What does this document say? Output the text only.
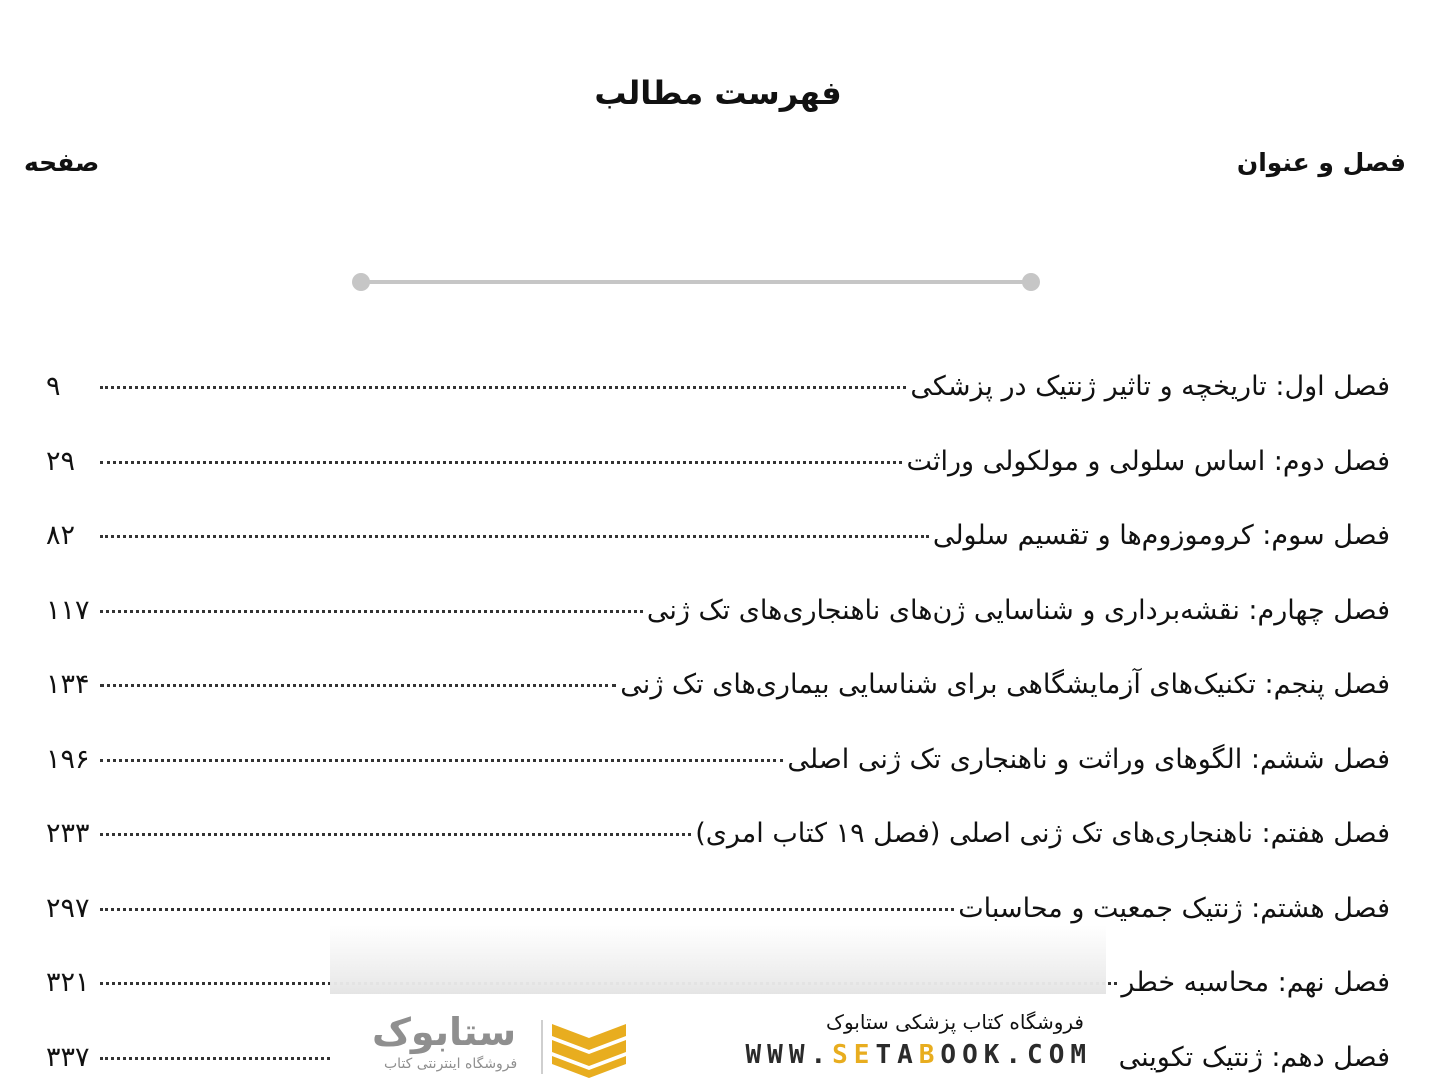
فهرست مطالب
فصل و عنوان
صفحه
فصل اول: تاریخچه و تاثیر ژنتیک در پزشکی
۹
فصل دوم: اساس سلولی و مولکولی وراثت
۲۹
فصل سوم: کروموزوم‌ها و تقسیم سلولی
۸۲
فصل چهارم: نقشه‌برداری و شناسایی ژن‌های ناهنجاری‌های تک ژنی
۱۱۷
فصل پنجم: تکنیک‌های آزمایشگاهی برای شناسایی بیماری‌های تک ژنی
۱۳۴
فصل ششم: الگوهای وراثت و ناهنجاری تک ژنی اصلی
۱۹۶
فصل هفتم: ناهنجاری‌های تک ژنی اصلی (فصل ۱۹ کتاب امری)
۲۳۳
فصل هشتم: ژنتیک جمعیت و محاسبات
۲۹۷
فصل نهم: محاسبه خطر
۳۲۱
فصل دهم: ژنتیک تکوینی
۳۳۷
فروشگاه کتاب پزشکی ستابوک
WWW.SETABOOK.COM
ستابوک
فروشگاه اینترنتی کتاب
